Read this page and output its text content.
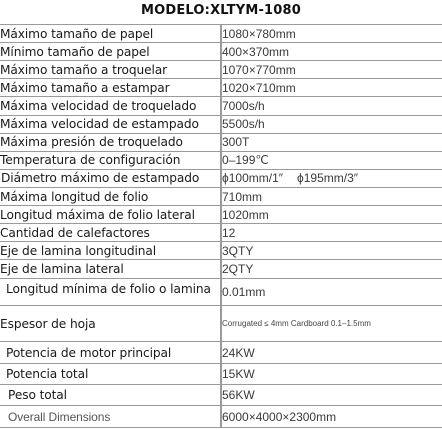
MODELO:XLTYM-1080
Máximo tamaño de papel	1080×780mm
Mínimo tamaño de papel	400×370mm
Máximo tamaño a troquelar	1070×770mm
Máximo tamaño a estampar	1020×710mm
Máxima velocidad de troquelado	7000s/h
Máxima velocidad de estampado	5500s/h
Máxima presión de troquelado	300T
Temperatura de configuración	0–199℃
Diámetro máximo de estampado	ϕ100mm/1″ ϕ195mm/3″
Máxima longitud de folio	710mm
Longitud máxima de folio lateral	1020mm
Cantidad de calefactores	12
Eje de lamina longitudinal	3QTY
Eje de lamina lateral	2QTY
Longitud mínima de folio o lamina	0.01mm
Espesor de hoja	Corrugated ≤ 4mm Cardboard 0.1–1.5mm
Potencia de motor principal	24KW
Potencia total	15KW
Peso total	56KW
Overall Dimensions	6000×4000×2300mm
